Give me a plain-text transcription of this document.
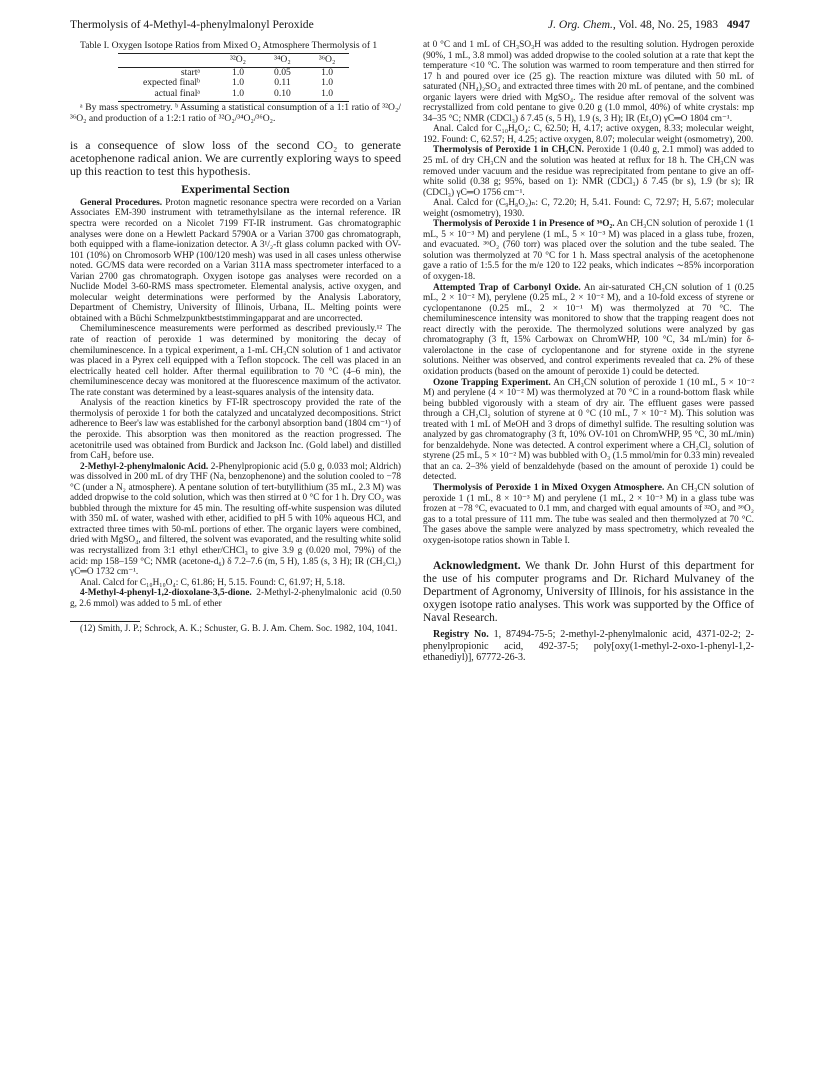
Thermolysis of 4-Methyl-4-phenylmalonyl Peroxide	J. Org. Chem., Vol. 48, No. 25, 1983 4947

Table I. Oxygen Isotope Ratios from Mixed O₂ Atmosphere Thermolysis of 1

	³²O₂	³⁴O₂	³⁶O₂
startᵃ	1.0	0.05	1.0
expected finalᵇ	1.0	0.11	1.0
actual finalᵃ	1.0	0.10	1.0

ᵃ By mass spectrometry. ᵇ Assuming a statistical consumption of a 1:1 ratio of ³²O₂/³⁶O₂ and production of a 1:2:1 ratio of ³²O₂/³⁴O₂/³⁶O₂.

is a consequence of slow loss of the second CO₂ to generate acetophenone radical anion. We are currently exploring ways to speed up this reaction to test this hypothesis.

Experimental Section

General Procedures. Proton magnetic resonance spectra were recorded on a Varian Associates EM-390 instrument with tetramethylsilane as the internal reference. IR spectra were recorded on a Nicolet 7199 FT-IR instrument. Gas chromatographic analyses were done on a Hewlett Packard 5790A or a Varian 3700 gas chromatograph, both equipped with a flame-ionization detector. A 3¹/₂-ft glass column packed with OV-101 (10%) on Chromosorb WHP (100/120 mesh) was used in all cases unless otherwise noted. GC/MS data were recorded on a Varian 311A mass spectrometer interfaced to a Varian 2700 gas chromatograph. Oxygen isotope gas analyses were recorded on a Nuclide Model 3-60-RMS mass spectrometer. Elemental analysis, active oxygen, and molecular weight determinations were performed by the Analysis Laboratory, Department of Chemistry, University of Illinois, Urbana, IL. Melting points were obtained with a Büchi Schmelzpunktbeststimmingapparat and are uncorrected.

Chemiluminescence measurements were performed as described previously.¹² The rate of reaction of peroxide 1 was determined by monitoring the decay of chemiluminescence. In a typical experiment, a 1-mL CH₃CN solution of 1 and activator was placed in a Pyrex cell equipped with a Teflon stopcock. The cell was placed in an electrically heated cell holder. After thermal equilibration to 70 °C (4–6 min), the chemiluminescence decay was monitored at the fluorescence maximum of the activator. The rate constant was determined by a least-squares analysis of the intensity data.

Analysis of the reaction kinetics by FT-IR spectroscopy provided the rate of the thermolysis of peroxide 1 for both the catalyzed and uncatalyzed decompositions. Strict adherence to Beer's law was established for the carbonyl absorption band (1804 cm⁻¹) of the peroxide. This absorption was then monitored as the reaction progressed. The acetonitrile used was obtained from Burdick and Jackson Inc. (Gold label) and distilled from CaH₂ before use.

2-Methyl-2-phenylmalonic Acid. 2-Phenylpropionic acid (5.0 g, 0.033 mol; Aldrich) was dissolved in 200 mL of dry THF (Na, benzophenone) and the solution cooled to −78 °C (under a N₂ atmosphere). A pentane solution of tert-butyllithium (35 mL, 2.3 M) was added dropwise to the cold solution, which was then stirred at 0 °C for 1 h. Dry CO₂ was bubbled through the mixture for 45 min. The resulting off-white suspension was diluted with 350 mL of water, washed with ether, acidified to pH 5 with 10% aqueous HCl, and extracted three times with 50-mL portions of ether. The organic layers were combined, dried with MgSO₄, and filtered, the solvent was evaporated, and the resulting white solid was recrystallized from 3:1 ethyl ether/CHCl₃ to give 3.9 g (0.020 mol, 79%) of the acid: mp 158–159 °C; NMR (acetone-d₆) δ 7.2–7.6 (m, 5 H), 1.85 (s, 3 H); IR (CH₂Cl₂) γC═O 1732 cm⁻¹.

Anal. Calcd for C₁₀H₁₀O₄: C, 61.86; H, 5.15. Found: C, 61.97; H, 5.18.

4-Methyl-4-phenyl-1,2-dioxolane-3,5-dione. 2-Methyl-2-phenylmalonic acid (0.50 g, 2.6 mmol) was added to 5 mL of ether

(12) Smith, J. P.; Schrock, A. K.; Schuster, G. B. J. Am. Chem. Soc. 1982, 104, 1041.

at 0 °C and 1 mL of CH₃SO₃H was added to the resulting solution. Hydrogen peroxide (90%, 1 mL, 3.8 mmol) was added dropwise to the cooled solution at a rate that kept the temperature <10 °C. The solution was warmed to room temperature and then stirred for 17 h and poured over ice (25 g). The reaction mixture was diluted with 50 mL of saturated (NH₄)₂SO₄ and extracted three times with 20 mL of pentane, and the combined organic layers were dried with MgSO₄. The residue after removal of the solvent was recrystallized from cold pentane to give 0.20 g (1.0 mmol, 40%) of white crystals: mp 34–35 °C; NMR (CDCl₃) δ 7.45 (s, 5 H), 1.9 (s, 3 H); IR (Et₂O) γC═O 1804 cm⁻¹.

Anal. Calcd for C₁₀H₈O₄: C, 62.50; H, 4.17; active oxygen, 8.33; molecular weight, 192. Found: C, 62.57; H, 4.25; active oxygen, 8.07; molecular weight (osmometry), 200.

Thermolysis of Peroxide 1 in CH₃CN. Peroxide 1 (0.40 g, 2.1 mmol) was added to 25 mL of dry CH₃CN and the solution was heated at reflux for 18 h. The CH₃CN was removed under vacuum and the residue was reprecipitated from pentane to give an off-white solid (0.38 g; 95%, based on 1): NMR (CDCl₃) δ 7.45 (br s), 1.9 (br s); IR (CDCl₃) γC═O 1756 cm⁻¹.

Anal. Calcd for (C₉H₈O₂)ₙ: C, 72.20; H, 5.41. Found: C, 72.97; H, 5.67; molecular weight (osmometry), 1930.

Thermolysis of Peroxide 1 in Presence of ³⁶O₂. An CH₃CN solution of peroxide 1 (1 mL, 5 × 10⁻³ M) and perylene (1 mL, 5 × 10⁻³ M) was placed in a glass tube, frozen, and evacuated. ³⁶O₂ (760 torr) was placed over the solution and the tube sealed. The solution was thermolyzed at 70 °C for 1 h. Mass spectral analysis of the acetophenone gave a ratio of 1:5.5 for the m/e 120 to 122 peaks, which indicates ∼85% incorporation of oxygen-18.

Attempted Trap of Carbonyl Oxide. An air-saturated CH₃CN solution of 1 (0.25 mL, 2 × 10⁻² M), perylene (0.25 mL, 2 × 10⁻² M), and a 10-fold excess of styrene or cyclopentanone (0.25 mL, 2 × 10⁻¹ M) was thermolyzed at 70 °C. The chemiluminescence intensity was monitored to show that the trapping reagent does not react directly with the peroxide. The thermolyzed solutions were analyzed by gas chromatography (3 ft, 15% Carbowax on ChromWHP, 100 °C, 34 mL/min) for δ-valerolactone in the case of cyclopentanone and for styrene oxide in the styrene solutions. Neither was observed, and control experiments revealed that ca. 2% of these oxidation products (based on the amount of peroxide 1) could be detected.

Ozone Trapping Experiment. An CH₃CN solution of peroxide 1 (10 mL, 5 × 10⁻² M) and perylene (4 × 10⁻² M) was thermolyzed at 70 °C in a round-bottom flask while being bubbled vigorously with a steam of dry air. The effluent gases were passed through a CH₂Cl₂ solution of styrene at 0 °C (10 mL, 7 × 10⁻² M). This solution was treated with 1 mL of MeOH and 3 drops of dimethyl sulfide. The resulting solution was analyzed by gas chromatography (3 ft, 10% OV-101 on ChromWHP, 95 °C, 30 mL/min) for benzaldehyde. None was detected. A control experiment where a CH₂Cl₂ solution of styrene (25 mL, 5 × 10⁻² M) was bubbled with O₃ (1.5 mmol/min for 0.33 min) revealed that an ca. 2–3% yield of benzaldehyde (based on the amount of peroxide 1) could be detected.

Thermolysis of Peroxide 1 in Mixed Oxygen Atmosphere. An CH₃CN solution of peroxide 1 (1 mL, 8 × 10⁻³ M) and perylene (1 mL, 2 × 10⁻³ M) in a glass tube was frozen at −78 °C, evacuated to 0.1 mm, and charged with equal amounts of ³²O₂ and ³⁶O₂ gas to a total pressure of 111 mm. The tube was sealed and then thermolyzed at 70 °C. The gases above the sample were analyzed by mass spectrometry, which revealed the oxygen-isotope ratios shown in Table I.

Acknowledgment. We thank Dr. John Hurst of this department for the use of his computer programs and Dr. Richard Mulvaney of the Department of Agronomy, University of Illinois, for his assistance in the oxygen isotope ratio analyses. This work was supported by the Office of Naval Research.

Registry No. 1, 87494-75-5; 2-methyl-2-phenylmalonic acid, 4371-02-2; 2-phenylpropionic acid, 492-37-5; poly[oxy(1-methyl-2-oxo-1-phenyl-1,2-ethanediyl)], 67772-26-3.
